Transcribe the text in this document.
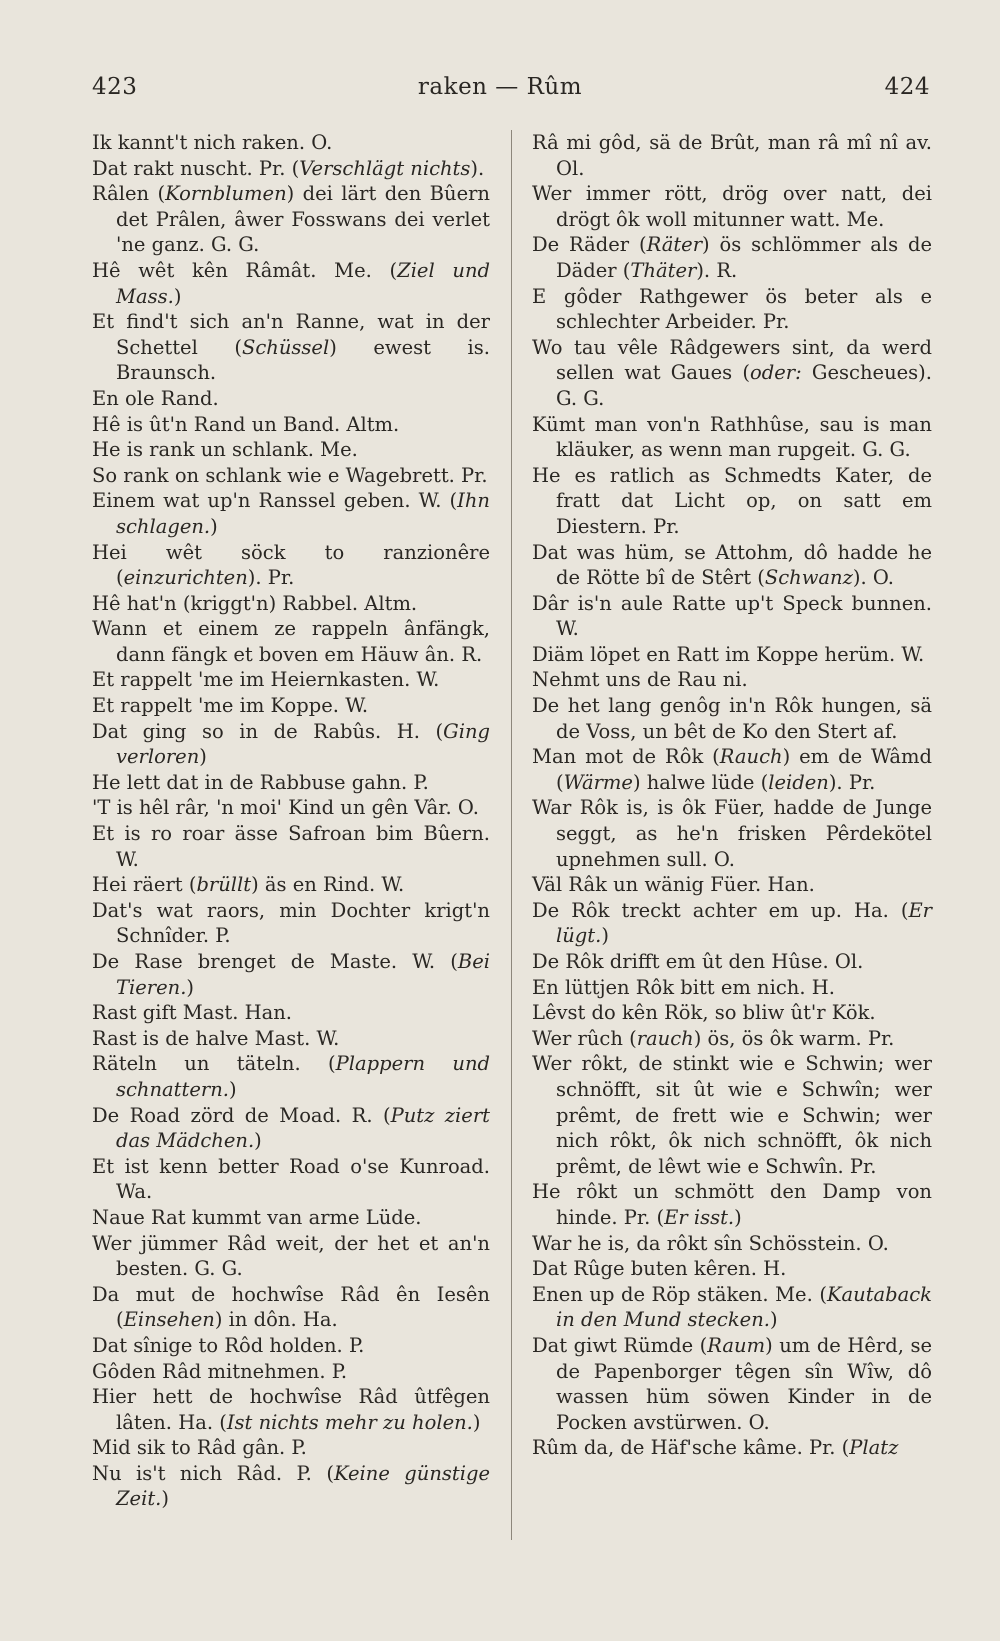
423	raken — Rûm	424
Ik kannt't nich raken. O.
Dat rakt nuscht. Pr. (Verschlägt nichts).
Râlen (Kornblumen) dei lärt den Bûern det Prâlen, âwer Fosswans dei verlet 'ne ganz. G. G.
Hê wêt kên Râmât. Me. (Ziel und Mass.)
Et find't sich an'n Ranne, wat in der Schettel (Schüssel) ewest is. Braunsch.
En ole Rand.
Hê is ût'n Rand un Band. Altm.
He is rank un schlank. Me.
So rank on schlank wie e Wagebrett. Pr.
Einem wat up'n Ranssel geben. W. (Ihn schlagen.)
Hei wêt söck to ranzionêre (einzurichten). Pr.
Hê hat'n (kriggt'n) Rabbel. Altm.
Wann et einem ze rappeln ânfängk, dann fängk et boven em Häuw ân. R.
Et rappelt 'me im Heiernkasten. W.
Et rappelt 'me im Koppe. W.
Dat ging so in de Rabûs. H. (Ging verloren)
He lett dat in de Rabbuse gahn. P.
'T is hêl râr, 'n moi' Kind un gên Vâr. O.
Et is ro roar ässe Safroan bim Bûern. W.
Hei räert (brüllt) äs en Rind. W.
Dat's wat raors, min Dochter krigt'n Schnîder. P.
De Rase brenget de Maste. W. (Bei Tieren.)
Rast gift Mast. Han.
Rast is de halve Mast. W.
Räteln un täteln. (Plappern und schnattern.)
De Road zörd de Moad. R. (Putz ziert das Mädchen.)
Et ist kenn better Road o'se Kunroad. Wa.
Naue Rat kummt van arme Lüde.
Wer jümmer Râd weit, der het et an'n besten. G. G.
Da mut de hochwîse Râd ên Iesên (Einsehen) in dôn. Ha.
Dat sînige to Rôd holden. P.
Gôden Râd mitnehmen. P.
Hier hett de hochwîse Râd ûtfêgen lâten. Ha. (Ist nichts mehr zu holen.)
Mid sik to Râd gân. P.
Nu is't nich Râd. P. (Keine günstige Zeit.)
Râ mi gôd, sä de Brût, man râ mî nî av. Ol.
Wer immer rött, drög over natt, dei drögt ôk woll mitunner watt. Me.
De Räder (Räter) ös schlömmer als de Däder (Thäter). R.
E gôder Rathgewer ös beter als e schlechter Arbeider. Pr.
Wo tau vêle Râdgewers sint, da werd sellen wat Gaues (oder: Gescheues). G. G.
Kümt man von'n Rathhûse, sau is man kläuker, as wenn man rupgeit. G. G.
He es ratlich as Schmedts Kater, de fratt dat Licht op, on satt em Diestern. Pr.
Dat was hüm, se Attohm, dô hadde he de Rötte bî de Stêrt (Schwanz). O.
Dâr is'n aule Ratte up't Speck bunnen. W.
Diäm löpet en Ratt im Koppe herüm. W.
Nehmt uns de Rau ni.
De het lang genôg in'n Rôk hungen, sä de Voss, un bêt de Ko den Stert af.
Man mot de Rôk (Rauch) em de Wâmd (Wärme) halwe lüde (leiden). Pr.
War Rôk is, is ôk Füer, hadde de Junge seggt, as he'n frisken Pêrdekötel upnehmen sull. O.
Väl Râk un wänig Füer. Han.
De Rôk treckt achter em up. Ha. (Er lügt.)
De Rôk drifft em ût den Hûse. Ol.
En lüttjen Rôk bitt em nich. H.
Lêvst do kên Rök, so bliw ût'r Kök.
Wer rûch (rauch) ös, ös ôk warm. Pr.
Wer rôkt, de stinkt wie e Schwin; wer schnöfft, sit ût wie e Schwîn; wer prêmt, de frett wie e Schwin; wer nich rôkt, ôk nich schnöfft, ôk nich prêmt, de lêwt wie e Schwîn. Pr.
He rôkt un schmött den Damp von hinde. Pr. (Er isst.)
War he is, da rôkt sîn Schösstein. O.
Dat Rûge buten kêren. H.
Enen up de Röp stäken. Me. (Kautaback in den Mund stecken.)
Dat giwt Rümde (Raum) um de Hêrd, se de Papenborger têgen sîn Wîw, dô wassen hüm söwen Kinder in de Pocken avstürwen. O.
Rûm da, de Häf'sche kâme. Pr. (Platz
